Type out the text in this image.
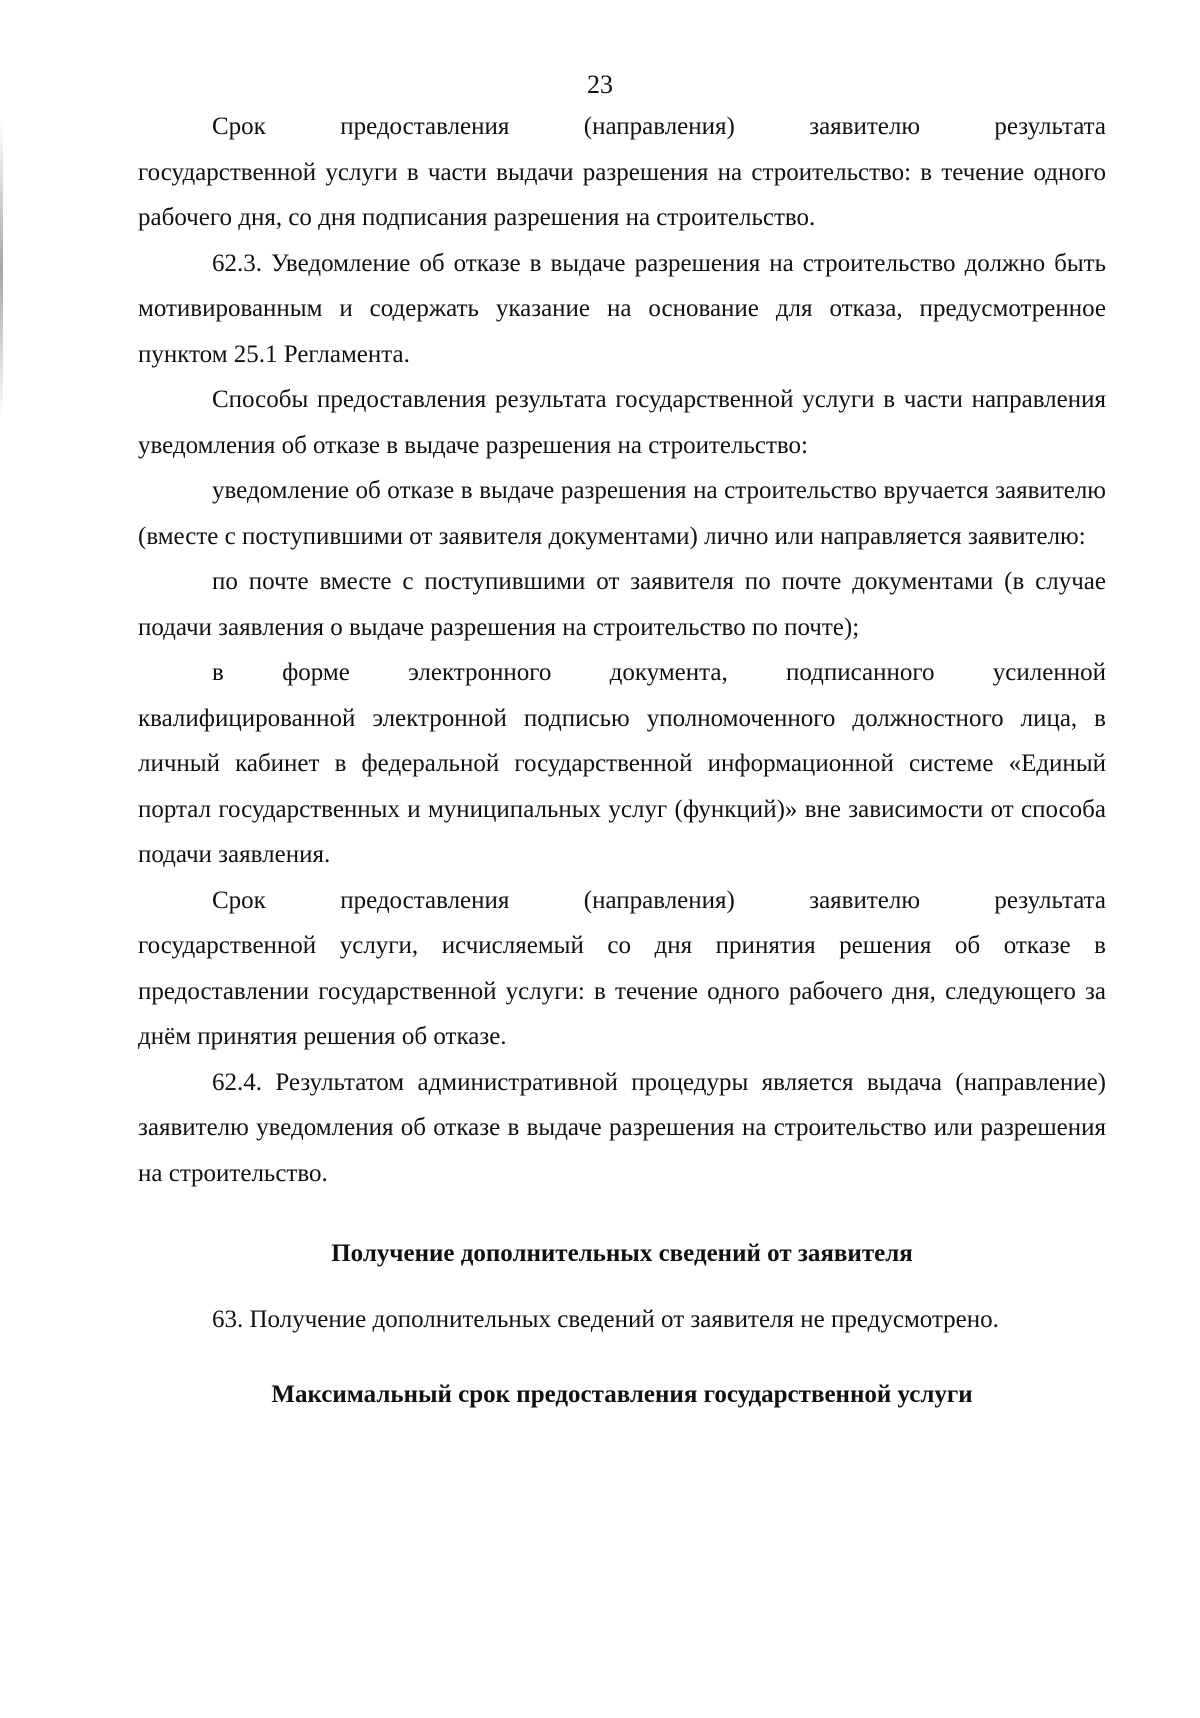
23

Срок предоставления (направления) заявителю результата
государственной услуги в части выдачи разрешения на строительство: в течение одного рабочего дня, со дня подписания разрешения на строительство.

62.3. Уведомление об отказе в выдаче разрешения на строительство должно быть мотивированным и содержать указание на основание для отказа, предусмотренное пунктом 25.1 Регламента.

Способы предоставления результата государственной услуги в части направления уведомления об отказе в выдаче разрешения на строительство:

уведомление об отказе в выдаче разрешения на строительство вручается заявителю (вместе с поступившими от заявителя документами) лично или направляется заявителю:

по почте вместе с поступившими от заявителя по почте документами (в случае подачи заявления о выдаче разрешения на строительство по почте);

в форме электронного документа, подписанного усиленной
квалифицированной электронной подписью уполномоченного должностного лица, в личный кабинет в федеральной государственной информационной системе «Единый портал государственных и муниципальных услуг (функций)» вне зависимости от способа подачи заявления.

Срок предоставления (направления) заявителю результата
государственной услуги, исчисляемый со дня принятия решения об отказе в предоставлении государственной услуги: в течение одного рабочего дня, следующего за днём принятия решения об отказе.

62.4. Результатом административной процедуры является выдача (направление) заявителю уведомления об отказе в выдаче разрешения на строительство или разрешения на строительство.

Получение дополнительных сведений от заявителя

63. Получение дополнительных сведений от заявителя не предусмотрено.

Максимальный срок предоставления государственной услуги
